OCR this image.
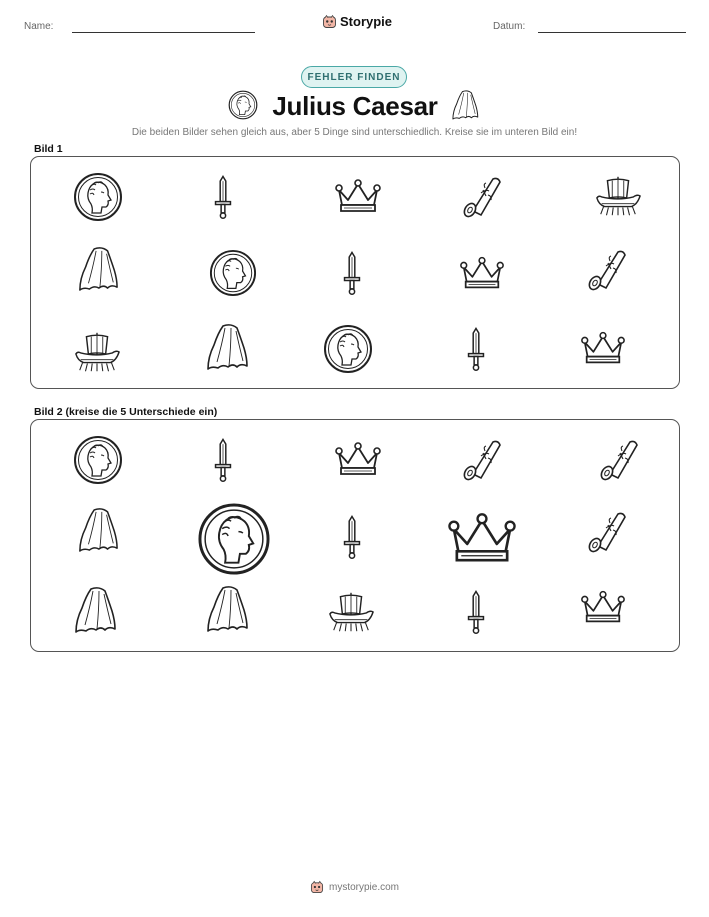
Name:	Storypie	Datum:
FEHLER FINDEN
Julius Caesar
Die beiden Bilder sehen gleich aus, aber 5 Dinge sind unterschiedlich. Kreise sie im unteren Bild ein!
Bild 1
Bild 2 (kreise die 5 Unterschiede ein)
mystorypie.com
